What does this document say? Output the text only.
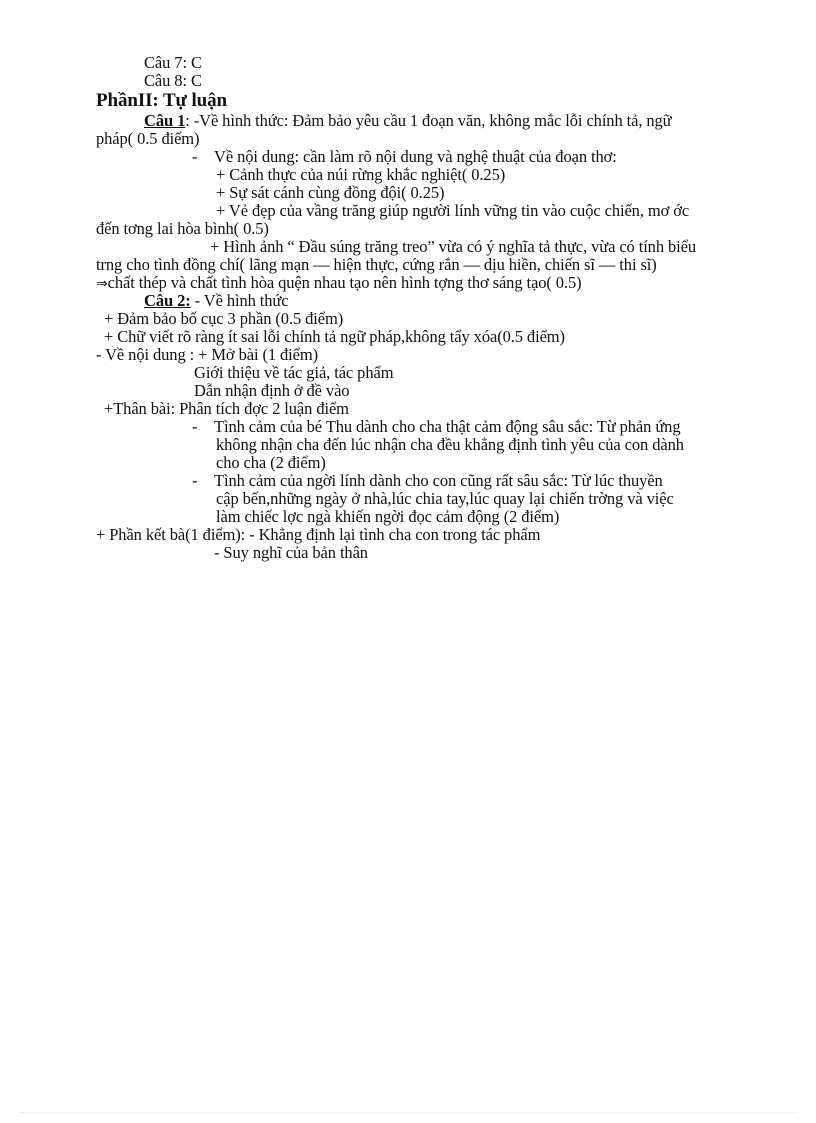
Câu 7: C
Câu 8: C
PhầnII: Tự luận
Câu 1: -Về hình thức: Đảm bảo yêu cầu 1 đoạn văn, không mắc lỗi chính tả, ngữ
pháp( 0.5 điểm)
- Về nội dung: cần làm rõ nội dung và nghệ thuật của đoạn thơ:
+ Cảnh thực của núi rừng khắc nghiệt( 0.25)
+ Sự sát cánh cùng đồng đội( 0.25)
+ Vẻ đẹp của vầng trăng giúp người lính vững tin vào cuộc chiến, mơ ớc
đến tơng lai hòa bình( 0.5)
+ Hình ảnh “ Đầu súng trăng treo” vừa có ý nghĩa tả thực, vừa có tính biểu
trng cho tình đồng chí( lãng mạn — hiện thực, cứng rắn — dịu hiền, chiến sĩ — thi sĩ)
⇒chất thép và chất tình hòa quện nhau tạo nên hình tợng thơ sáng tạo( 0.5)
Câu 2: - Về hình thức
+ Đảm bảo bố cục 3 phần (0.5 điểm)
+ Chữ viết rõ ràng ít sai lỗi chính tả ngữ pháp,không tẩy xóa(0.5 điểm)
- Về nội dung : + Mở bài (1 điểm)
Giới thiệu về tác giả, tác phẩm
Dẫn nhận định ở đề vào
+Thân bài: Phân tích đợc 2 luận điểm
- Tình cảm của bé Thu dành cho cha thật cảm động sâu sắc: Từ phản ứng
không nhận cha đến lúc nhận cha đều khẳng định tình yêu của con dành
cho cha (2 điểm)
- Tình cảm của ngời lính dành cho con cũng rất sâu sắc: Từ lúc thuyền
cập bến,những ngày ở nhà,lúc chia tay,lúc quay lại chiến trờng và việc
làm chiếc lợc ngà khiến ngời đọc cảm động (2 điểm)
+ Phần kết bà(1 điểm): - Khẳng định lại tình cha con trong tác phẩm
- Suy nghĩ của bản thân
